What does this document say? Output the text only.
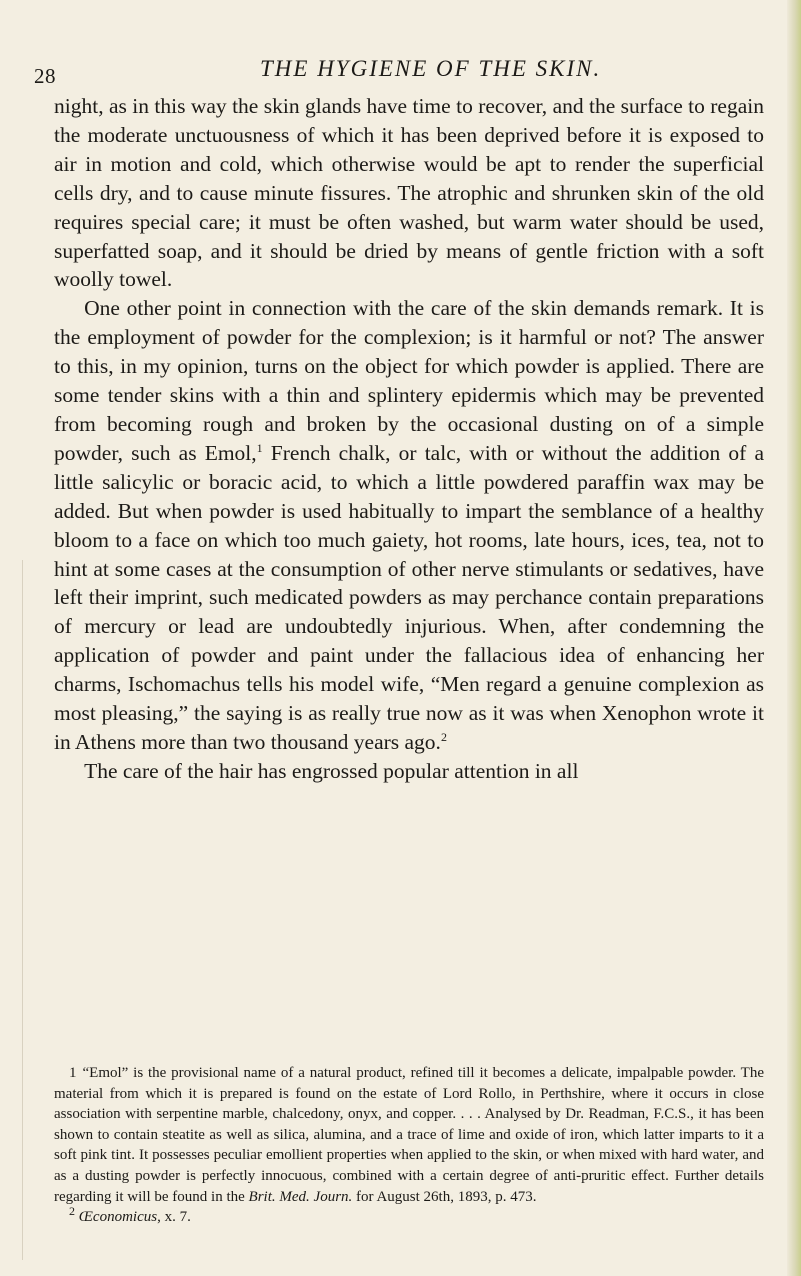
28	THE HYGIENE OF THE SKIN.

night, as in this way the skin glands have time to recover, and the surface to regain the moderate unctuousness of which it has been deprived before it is exposed to air in motion and cold, which otherwise would be apt to render the superficial cells dry, and to cause minute fissures. The atrophic and shrunken skin of the old requires special care; it must be often washed, but warm water should be used, superfatted soap, and it should be dried by means of gentle friction with a soft woolly towel.

One other point in connection with the care of the skin demands remark. It is the employment of powder for the complexion; is it harmful or not? The answer to this, in my opinion, turns on the object for which powder is applied. There are some tender skins with a thin and splintery epidermis which may be prevented from becoming rough and broken by the occasional dusting on of a simple powder, such as Emol,$^1$ French chalk, or talc, with or without the addition of a little salicylic or boracic acid, to which a little powdered paraffin wax may be added. But when powder is used habitually to impart the semblance of a healthy bloom to a face on which too much gaiety, hot rooms, late hours, ices, tea, not to hint at some cases at the consumption of other nerve stimulants or sedatives, have left their imprint, such medicated powders as may perchance contain preparations of mercury or lead are undoubtedly injurious. When, after condemning the application of powder and paint under the fallacious idea of enhancing her charms, Ischomachus tells his model wife, “Men regard a genuine complexion as most pleasing,” the saying is as really true now as it was when Xenophon wrote it in Athens more than two thousand years ago.$^2$

The care of the hair has engrossed popular attention in all

1 “Emol” is the provisional name of a natural product, refined till it becomes a delicate, impalpable powder. The material from which it is prepared is found on the estate of Lord Rollo, in Perthshire, where it occurs in close association with serpentine marble, chalcedony, onyx, and copper. . . . Analysed by Dr. Readman, F.C.S., it has been shown to contain steatite as well as silica, alumina, and a trace of lime and oxide of iron, which latter imparts to it a soft pink tint. It possesses peculiar emollient properties when applied to the skin, or when mixed with hard water, and as a dusting powder is perfectly innocuous, combined with a certain degree of anti-pruritic effect. Further details regarding it will be found in the Brit. Med. Journ. for August 26th, 1893, p. 473.

$^2$ Œconomicus, x. 7.
